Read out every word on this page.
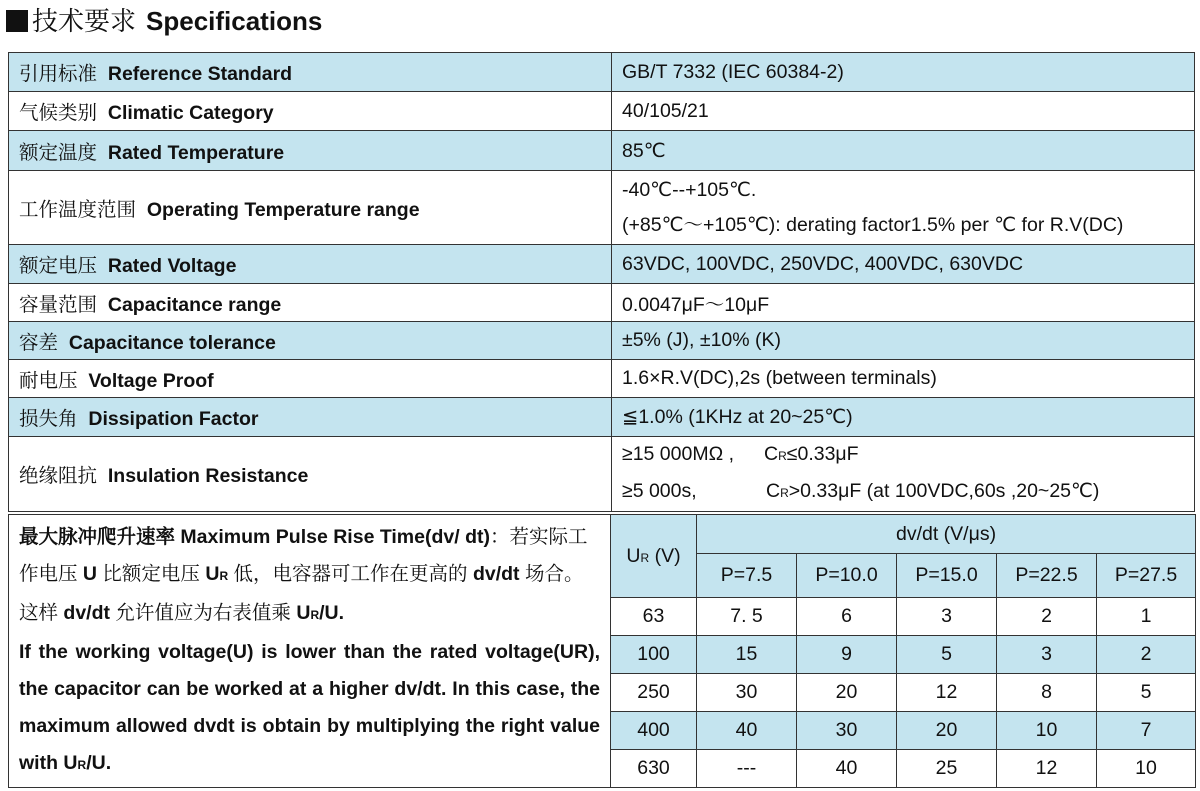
技术要求 Specifications
引用标准 Reference Standard	GB/T 7332 (IEC 60384-2)
气候类别 Climatic Category	40/105/21
额定温度 Rated Temperature	85℃
工作温度范围 Operating Temperature range	-40℃--+105℃.
(+85℃～+105℃): derating factor1.5% per ℃ for R.V(DC)

额定电压 Rated Voltage	63VDC, 100VDC, 250VDC, 400VDC, 630VDC
容量范围 Capacitance range	0.0047μF～10μF
容差 Capacitance tolerance	±5% (J), ±10% (K)
耐电压 Voltage Proof	1.6×R.V(DC),2s (between terminals)
损失角 Dissipation Factor	≦1.0% (1KHz at 20~25℃)
绝缘阻抗 Insulation Resistance	≥15 000MΩ , CR≤0.33μF
≥5 000s, CR>0.33μF (at 100VDC,60s ,20~25℃)
最大脉冲爬升速率 Maximum Pulse Rise Time(dv/ dt)：若实际工作电压 U 比额定电压 UR 低，电容器可工作在更高的 dv/dt 场合。这样 dv/dt 允许值应为右表值乘 UR/U.
If the working voltage(U) is lower than the rated voltage(UR), the capacitor can be worked at a higher dv/dt. In this case, the maximum allowed dvdt is obtain by multiplying the right value with UR/U.	UR (V)	dv/dt (V/μs)				
		P=7.5	P=10.0	P=15.0	P=22.5	P=27.5
	63	7. 5	6	3	2	1
	100	15	9	5	3	2
	250	30	20	12	8	5
	400	40	30	20	10	7
	630	---	40	25	12	10
